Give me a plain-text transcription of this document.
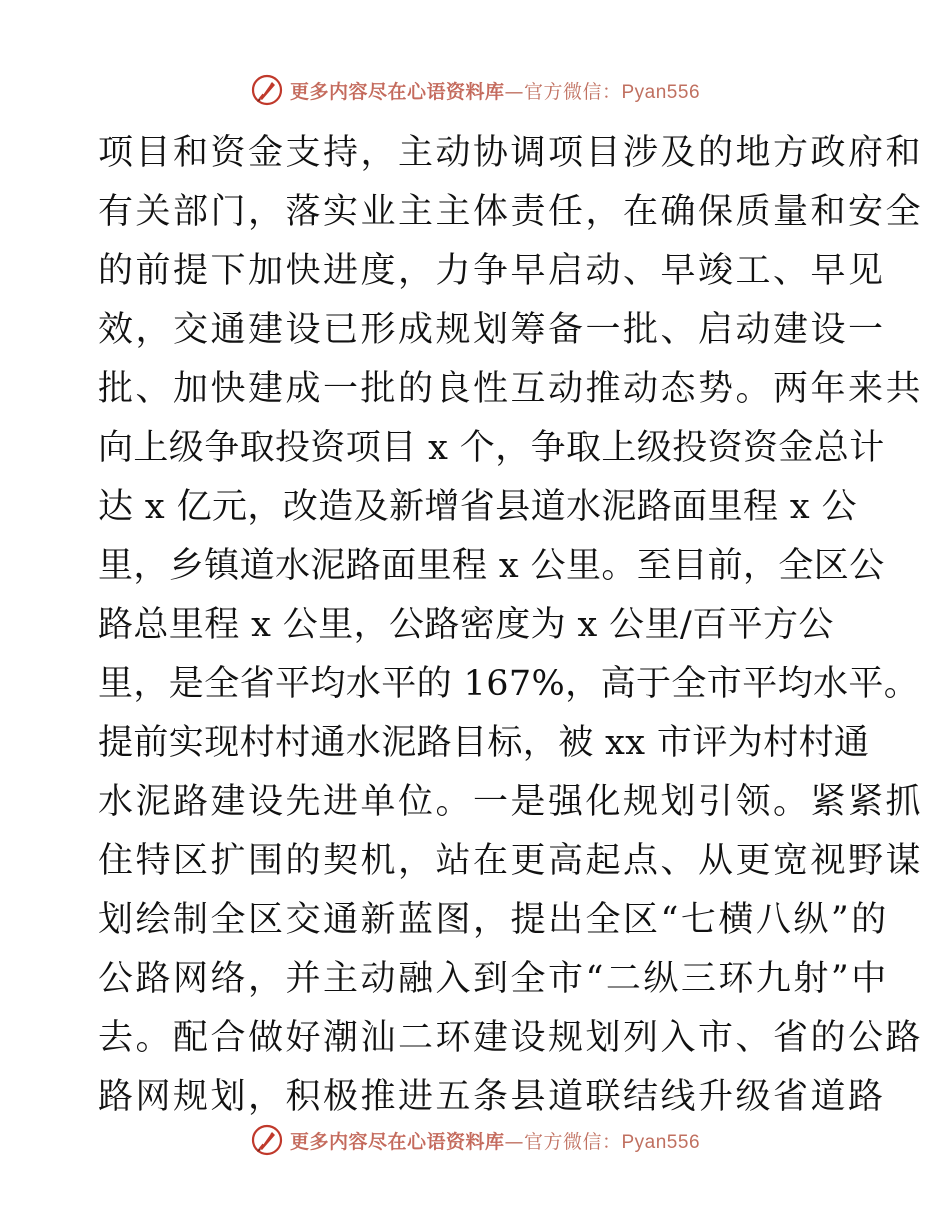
更多内容尽在心语资料库—官方微信：Pyan556
项目和资金支持，主动协调项目涉及的地方政府和
有关部门，落实业主主体责任，在确保质量和安全
的前提下加快进度，力争早启动、早竣工、早见
效，交通建设已形成规划筹备一批、启动建设一
批、加快建成一批的良性互动推动态势。两年来共
向上级争取投资项目 x 个，争取上级投资资金总计
达 x 亿元，改造及新增省县道水泥路面里程 x 公
里，乡镇道水泥路面里程 x 公里。至目前，全区公
路总里程 x 公里，公路密度为 x 公里/百平方公
里，是全省平均水平的 167%，高于全市平均水平。
提前实现村村通水泥路目标，被 xx 市评为村村通
水泥路建设先进单位。一是强化规划引领。紧紧抓
住特区扩围的契机，站在更高起点、从更宽视野谋
划绘制全区交通新蓝图，提出全区“七横八纵”的
公路网络，并主动融入到全市“二纵三环九射”中
去。配合做好潮汕二环建设规划列入市、省的公路
路网规划，积极推进五条县道联结线升级省道路
更多内容尽在心语资料库—官方微信：Pyan556
